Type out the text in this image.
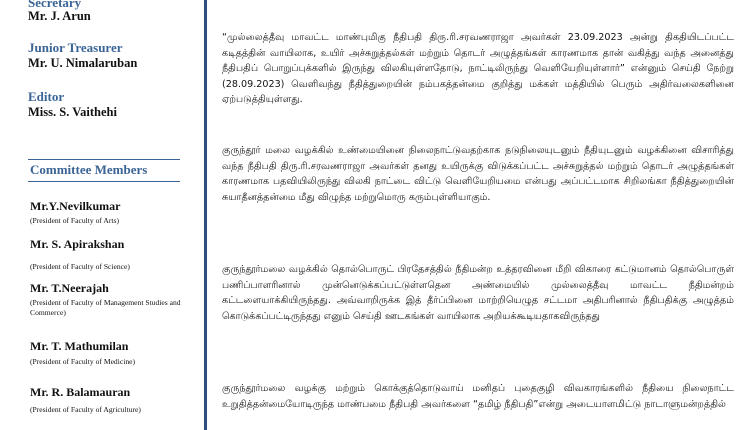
Secretary
Mr. J. Arun
Junior Treasurer
Mr. U. Nimalaruban
Editor
Miss. S. Vaithehi
Committee Members
Mr.Y.Nevilkumar
(President of Faculty of Arts)
Mr. S. Apirakshan
(President of Faculty of Science)
Mr. T.Neerajah
(President of Faculty of Management Studies and Commerce)
Mr. T. Mathumilan
(President of Faculty of Medicine)
Mr. R. Balamauran
(President of Faculty of Agriculture)

“முல்லைத்தீவு மாவட்ட மாண்புமிகு நீதிபதி திரு.ரி.சரவணராஜா அவர்கள் 23.09.2023 அன்று திகதியிடப்பட்ட கடிதத்தின் வாயிலாக, உயிர் அச்சுறுத்தல்கள் மற்றும் தொடர் அழுத்தங்கள் காரணமாக தான் வகித்து வந்த அனைத்து நீதிபதிப் பொறுப்புக்களில் இருந்து விலகியுள்ளதோடு, நாட்டிலிருந்து வெளியேறியுள்ளார்” என்னும் செய்தி நேற்று (28.09.2023) வெளிவந்து நீதித்துறையின் நம்பகத்தன்மை குறித்து மக்கள் மத்தியில் பெரும் அதிர்வலைகளினை ஏற்படுத்தியுள்ளது.

குருந்தூர் மலை வழக்கில் உண்மையினை நிலைநாட்டுவதற்காக நடுநிலையுடனும் நீதியுடனும் வழக்கினை விசாரித்து வந்த நீதிபதி திரு.ரி.சரவணராஜா அவர்கள் தனது உயிருக்கு விடுக்கப்பட்ட அச்சுறுத்தல் மற்றும் தொடர் அழுத்தங்கள் காரணமாக பதவியிலிருந்து விலகி நாட்டை விட்டு வெளியேறியமை என்பது அப்பட்டமாக சிறிலங்கா நீதித்துறையின் சுயாதீனத்தன்மை மீது விழுந்த மற்றுமொரு கரும்புள்ளியாகும்.

குருந்தூர்மலை வழக்கில் தொல்பொருட் பிரதேசத்தில் நீதிமன்ற உத்தரவினை மீறி விகாரை கட்டுமானம் தொல்பொருள் பணிப்பாளரினால் முன்னெடுக்கப்பட்டுள்ளதென அண்மையில் முல்லைத்தீவு மாவட்ட நீதிமன்றம் கட்டளையாக்கியிருந்தது. அவ்வாறிருக்க இத் தீர்ப்பினை மாற்றியெழுத சட்டமா அதிபரினால் நீதிபதிக்கு அழுத்தம் கொடுக்கப்பட்டிருந்தது எனும் செய்தி ஊடகங்கள் வாயிலாக அறியக்கூடியதாகவிருந்தது

குருந்தூர்மலை வழக்கு மற்றும் கொக்குத்தொடுவாய் மனிதப் புதைகுழி விவகாரங்களில் நீதியை நிலைநாட்ட உறுதித்தன்மையோடிருந்த மாண்பமை நீதிபதி அவர்களை “தமிழ் நீதிபதி”என்று அடையாளமிட்டு நாடாளுமன்றத்தில்
